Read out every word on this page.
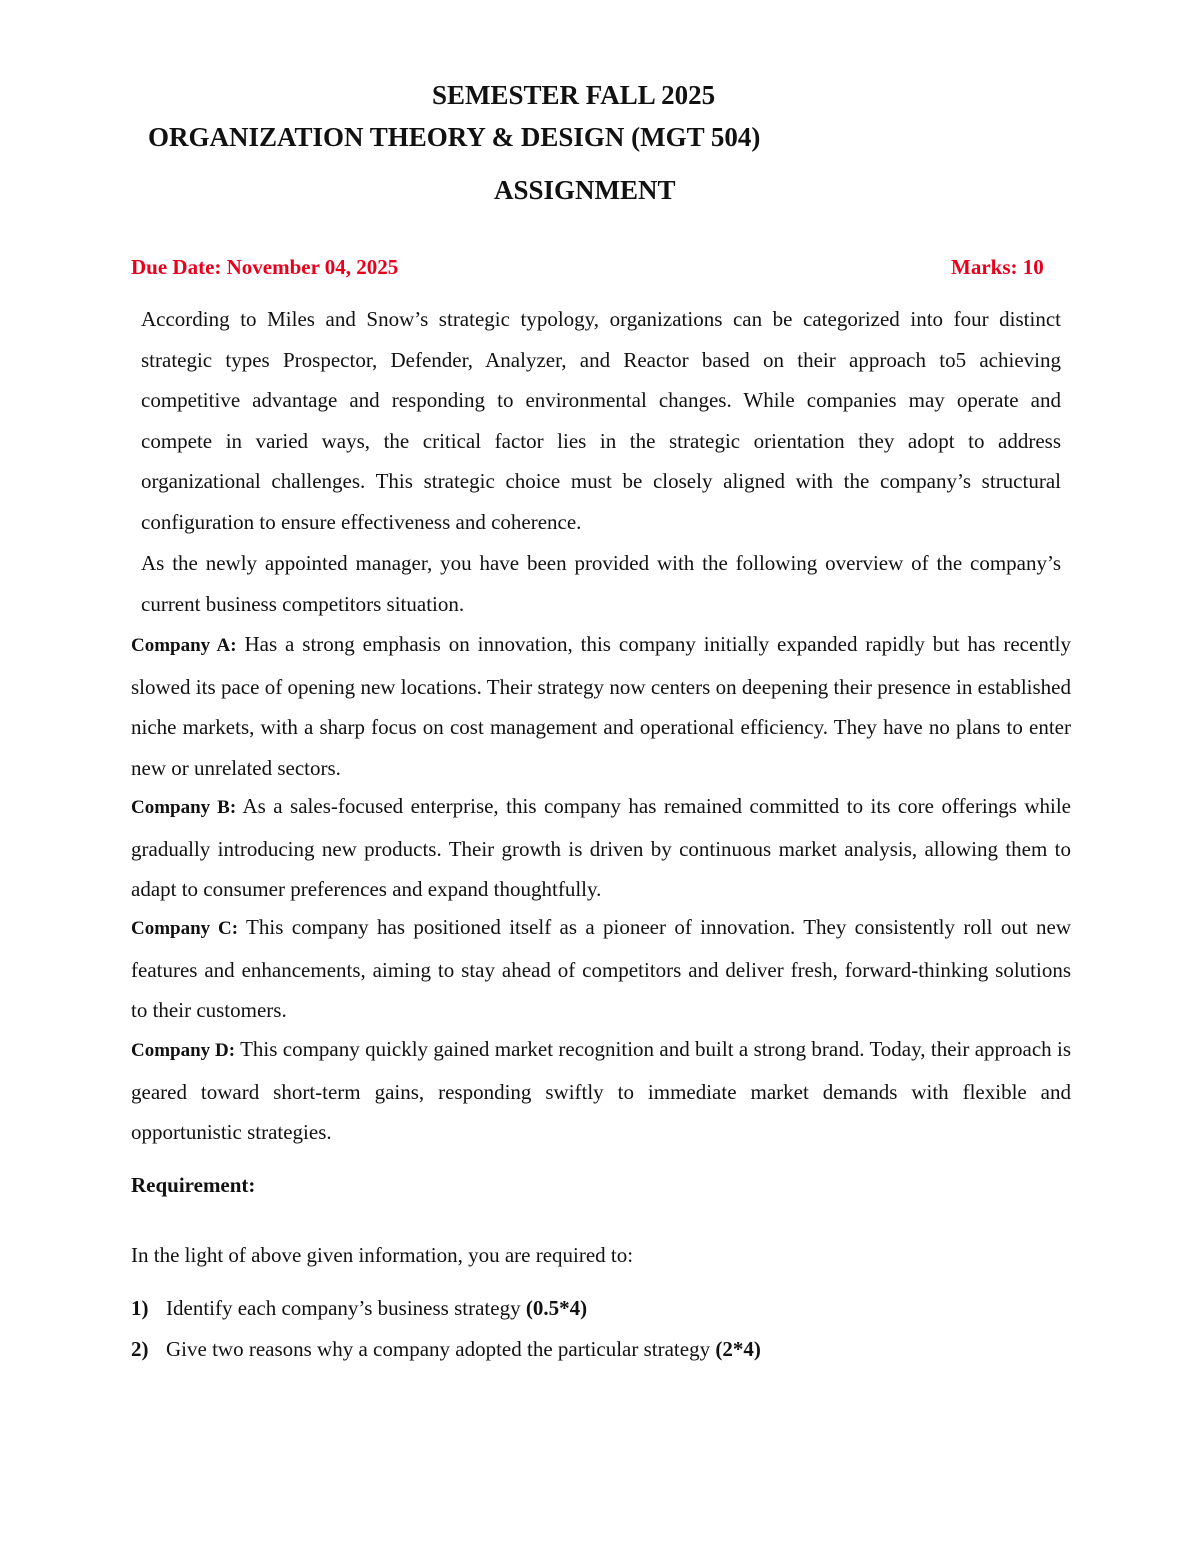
SEMESTER FALL 2025
ORGANIZATION THEORY & DESIGN (MGT 504)
ASSIGNMENT
Due Date: November 04, 2025	Marks: 10

According to Miles and Snow’s strategic typology, organizations can be categorized into four distinct strategic types Prospector, Defender, Analyzer, and Reactor based on their approach to5 achieving competitive advantage and responding to environmental changes. While companies may operate and compete in varied ways, the critical factor lies in the strategic orientation they adopt to address organizational challenges. This strategic choice must be closely aligned with the company’s structural configuration to ensure effectiveness and coherence.

As the newly appointed manager, you have been provided with the following overview of the company’s current business competitors situation.

Company A: Has a strong emphasis on innovation, this company initially expanded rapidly but has recently slowed its pace of opening new locations. Their strategy now centers on deepening their presence in established niche markets, with a sharp focus on cost management and operational efficiency. They have no plans to enter new or unrelated sectors.

Company B: As a sales-focused enterprise, this company has remained committed to its core offerings while gradually introducing new products. Their growth is driven by continuous market analysis, allowing them to adapt to consumer preferences and expand thoughtfully.

Company C: This company has positioned itself as a pioneer of innovation. They consistently roll out new features and enhancements, aiming to stay ahead of competitors and deliver fresh, forward-thinking solutions to their customers.

Company D: This company quickly gained market recognition and built a strong brand. Today, their approach is geared toward short-term gains, responding swiftly to immediate market demands with flexible and opportunistic strategies.

Requirement:
In the light of above given information, you are required to:
1) Identify each company’s business strategy (0.5*4)
2) Give two reasons why a company adopted the particular strategy (2*4)
